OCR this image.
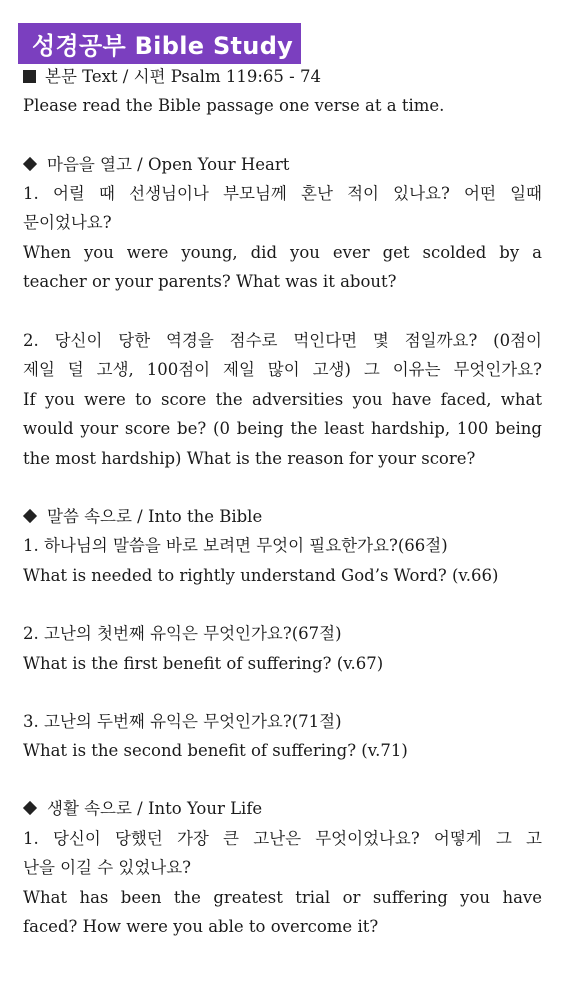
성경공부 Bible Study
본문 Text / 시편 Psalm 119:65 - 74
Please read the Bible passage one verse at a time.
마음을 열고 / Open Your Heart
1. 어릴 때 선생님이나 부모님께 혼난 적이 있나요? 어떤 일때
문이었나요?
When you were young, did you ever get scolded by a
teacher or your parents? What was it about?
2. 당신이 당한 역경을 점수로 먹인다면 몇 점일까요? (0점이
제일 덜 고생, 100점이 제일 많이 고생) 그 이유는 무엇인가요?
If you were to score the adversities you have faced, what
would your score be? (0 being the least hardship, 100 being
the most hardship) What is the reason for your score?
말씀 속으로 / Into the Bible
1. 하나님의 말씀을 바로 보려면 무엇이 필요한가요?(66절)
What is needed to rightly understand God’s Word? (v.66)
2. 고난의 첫번째 유익은 무엇인가요?(67절)
What is the first benefit of suffering? (v.67)
3. 고난의 두번째 유익은 무엇인가요?(71절)
What is the second benefit of suffering? (v.71)
생활 속으로 / Into Your Life
1. 당신이 당했던 가장 큰 고난은 무엇이었나요? 어떻게 그 고
난을 이길 수 있었나요?
What has been the greatest trial or suffering you have
faced? How were you able to overcome it?
